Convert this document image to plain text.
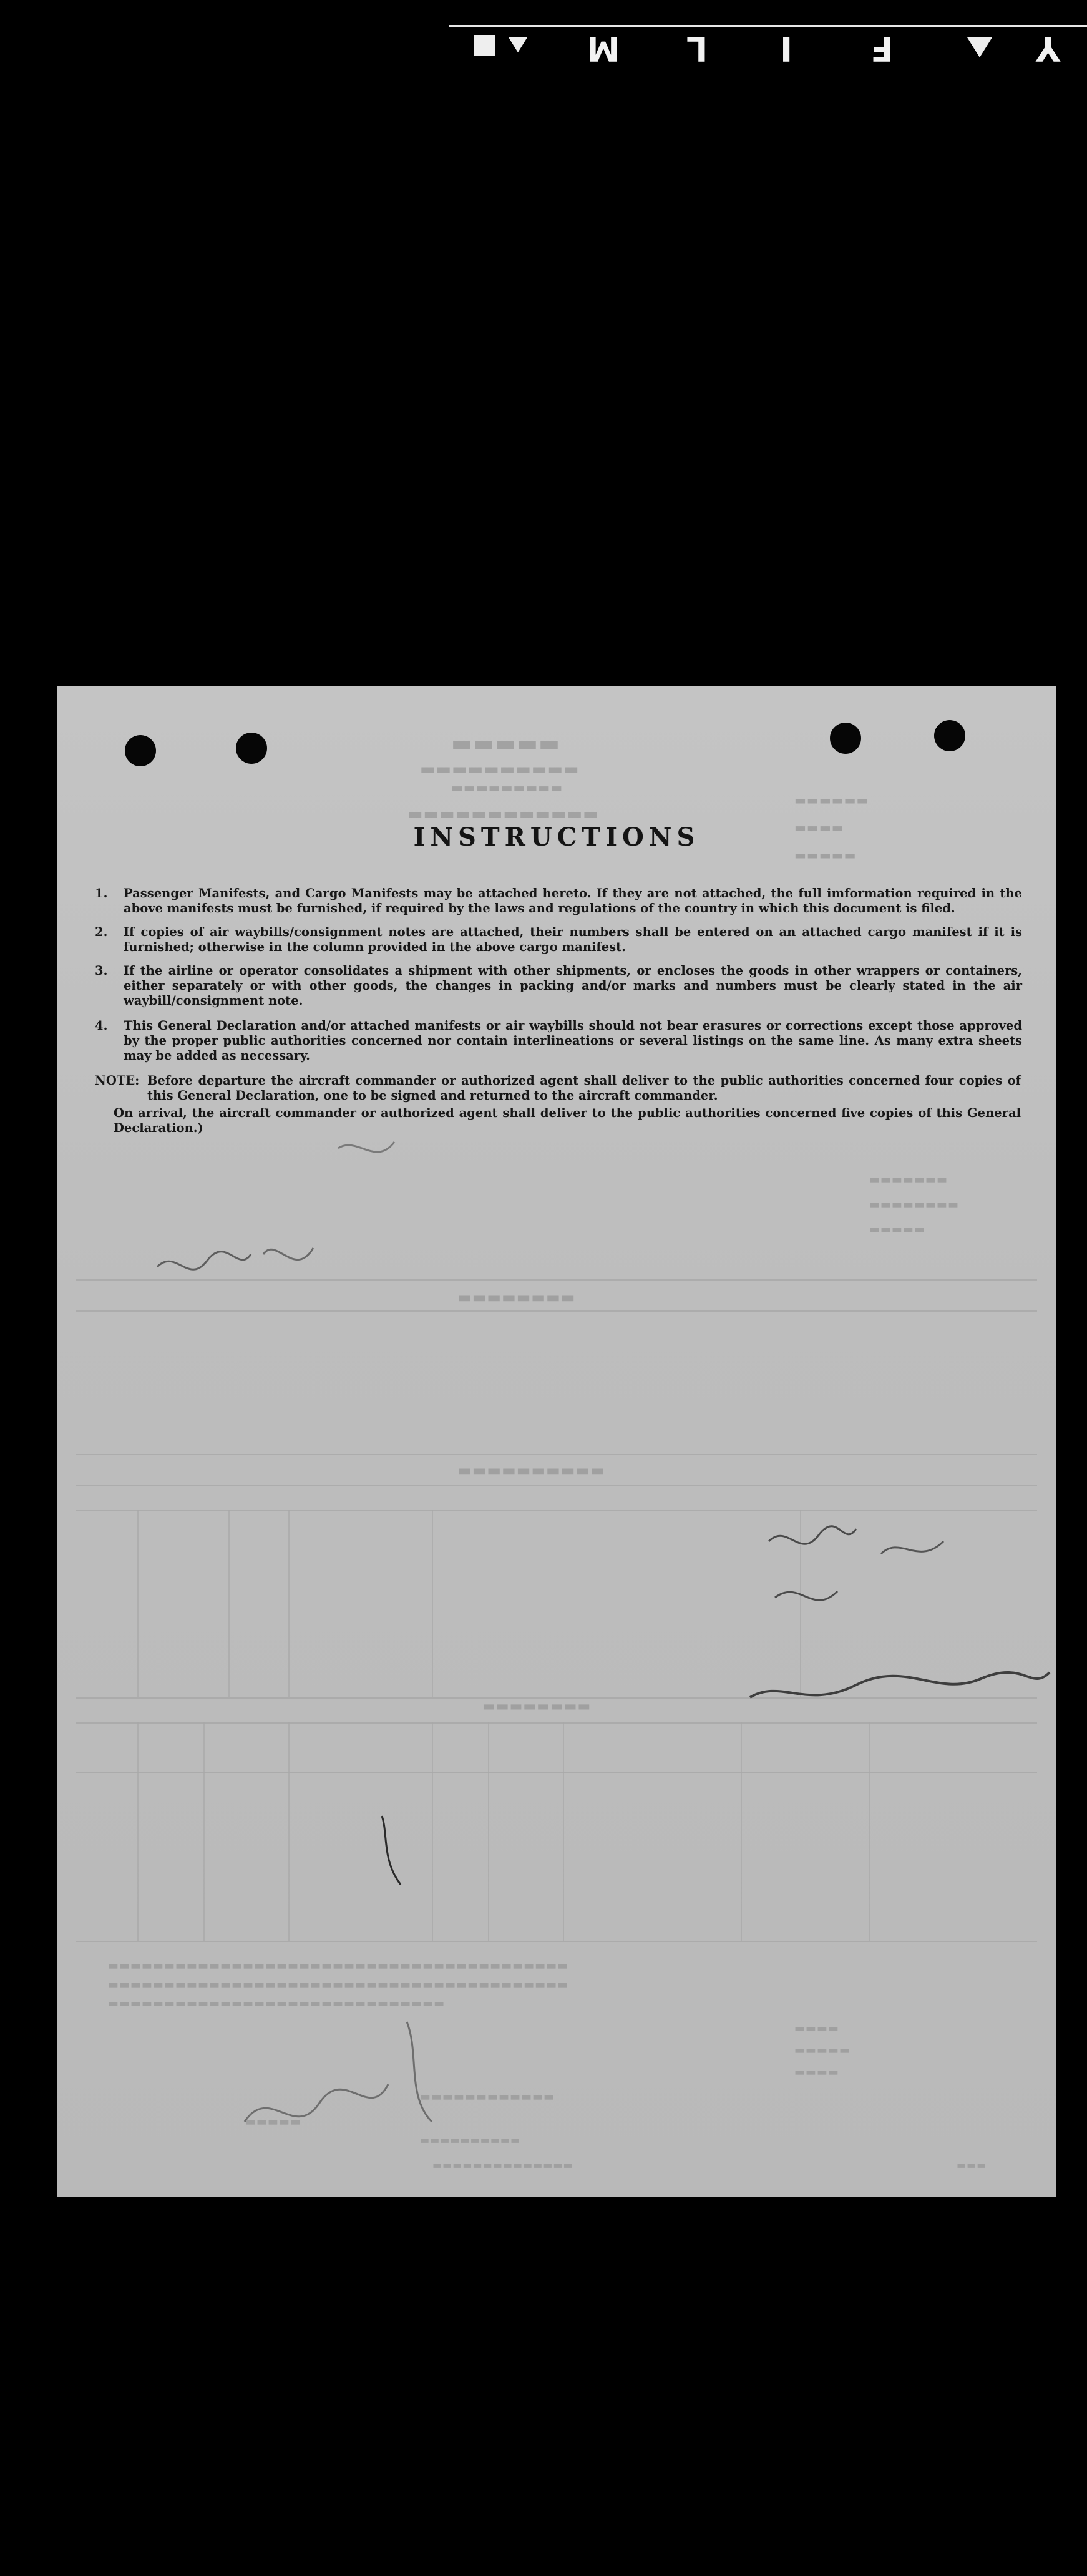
M L I F	Y
▬▬▬▬▬
▬▬▬▬▬▬▬▬▬▬
▬▬▬▬▬▬▬▬▬
▬▬▬▬▬▬▬▬▬▬▬▬
▬▬▬▬▬▬
▬▬▬▬
▬▬▬▬▬
▬▬▬▬▬▬▬
▬▬▬▬▬▬▬▬
▬▬▬▬▬
▬▬▬▬▬▬▬▬
▬▬▬▬▬▬▬▬▬▬
▬▬▬▬▬▬▬▬
▬▬▬▬▬▬▬▬▬▬▬▬▬▬▬▬▬▬▬▬▬▬▬▬▬▬▬▬▬▬▬▬▬▬▬▬▬▬▬▬▬
▬▬▬▬▬▬▬▬▬▬▬▬▬▬▬▬▬▬▬▬▬▬▬▬▬▬▬▬▬▬▬▬▬▬▬▬▬▬▬▬▬
▬▬▬▬▬▬▬▬▬▬▬▬▬▬▬▬▬▬▬▬▬▬▬▬▬▬▬▬▬▬
▬▬▬▬
▬▬▬▬▬
▬▬▬▬
▬▬▬▬▬▬▬▬▬▬▬▬
▬▬▬▬▬
▬▬▬▬▬▬▬▬▬▬
▬▬▬▬▬▬▬▬▬▬▬▬▬▬	▬▬▬
INSTRUCTIONS
1.	Passenger Manifests, and Cargo Manifests may be attached hereto. If they are not attached, the full imformation required in the above manifests must be furnished, if required by the laws and regulations of the country in which this document is filed.
2.	If copies of air waybills/consignment notes are attached, their numbers shall be entered on an attached cargo manifest if it is furnished; otherwise in the column provided in the above cargo manifest.
3.	If the airline or operator consolidates a shipment with other shipments, or encloses the goods in other wrappers or containers, either separately or with other goods, the changes in packing and/or marks and numbers must be clearly stated in the air waybill/consignment note.
4.	This General Declaration and/or attached manifests or air waybills should not bear erasures or corrections except those approved by the proper public authorities concerned nor contain interlineations or several listings on the same line. As many extra sheets may be added as necessary.
NOTE: Before departure the aircraft commander or authorized agent shall deliver to the public authorities concerned four copies of this General Declaration, one to be signed and returned to the aircraft commander.
On arrival, the aircraft commander or authorized agent shall deliver to the public authorities concerned five copies of this General Declaration.)
